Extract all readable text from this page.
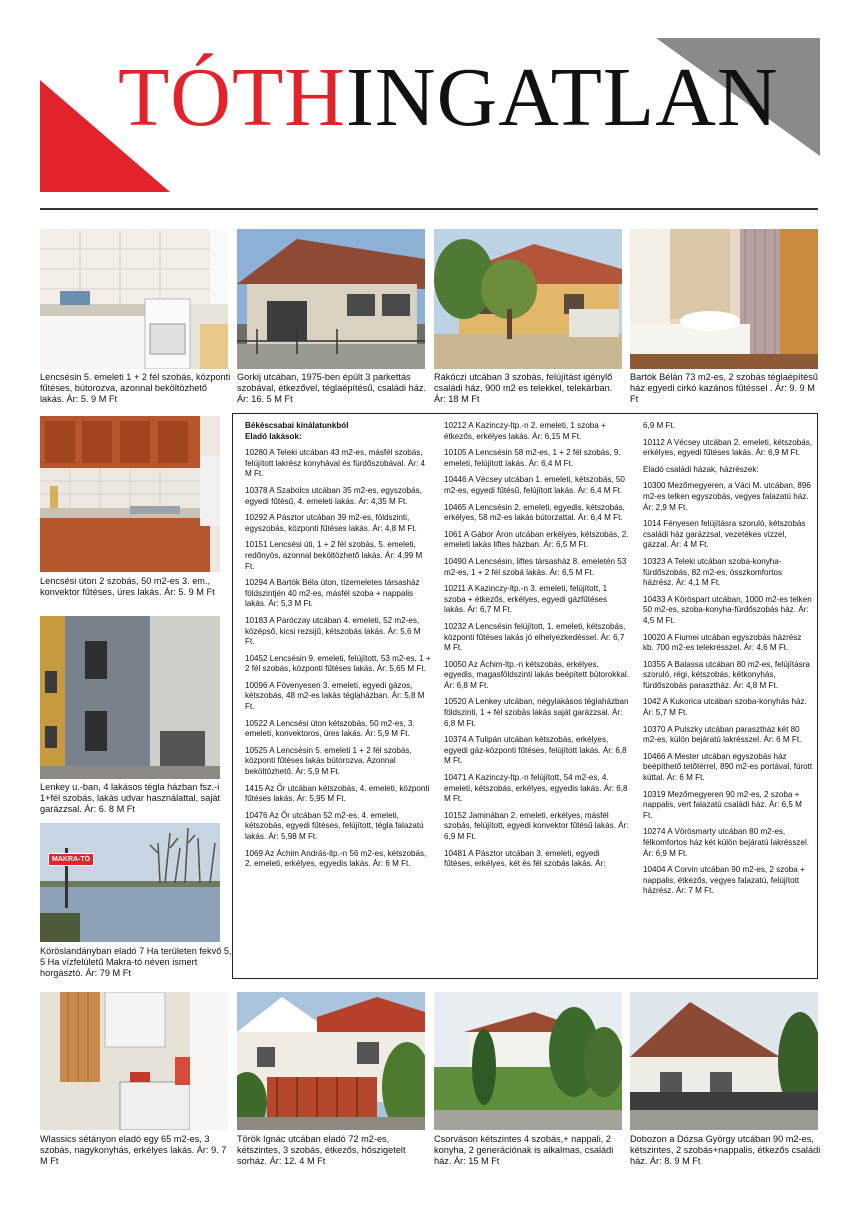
TÓTHINGATLAN
Lencsésin 5. emeleti 1 + 2 fél szobás, központi fűtéses, bútorozva, azonnal beköltözhető lakás. Ár: 5. 9 M Ft
Gorkij utcában, 1975-ben épült 3 parkettás szobával, étkezővel, téglaépítésű, családi ház. Ár: 16. 5 M Ft
Rákóczi utcában 3 szobás, felújítást igénylő családi ház, 900 m2 es telekkel, telekárban. Ár: 18 M Ft
Bartók Bélán 73 m2-es, 2 szobás téglaépítésű ház egyedi cirkó kazános fűtéssel . Ár: 9. 9 M Ft
Lencsési úton 2 szobás, 50 m2-es 3. em., konvektor fűtéses, üres lakás. Ár: 5. 9 M Ft
Lenkey u.-ban, 4 lakásos tégla házban fsz.-i 1+fél szobás, lakás udvar használattal, saját garázzsal. Ár: 6. 8 M Ft
MAKRA-TÓ
Köröslandányban eladó 7 Ha területen fekvő 5, 5 Ha vízfelületű Makra-tó néven ismert horgásztó. Ár: 79 M Ft

Békéscsabai kínálatunkból

Eladó lakások:

10280 A Teleki utcában 43 m2-es, másfél szobás, felújított lakrész konyhával és fürdőszobával. Ár: 4 M Ft.

10378 A Szabolcs utcában 35 m2-es, egyszobás, egyedi fűtésű, 4. emeleti lakás. Ár: 4,35 M Ft.

10292 A Pásztor utcában 39 m2-es, földszinti, egyszobás, központi fűtéses lakás. Ár: 4,8 M Ft.

10151 Lencsési úti, 1 + 2 fél szobás, 5. emeleti, redőnyös, azonnal beköltözhető lakás. Ár: 4,99 M Ft.

10294 A Bartók Béla úton, tízemeletes társasház földszintjén 40 m2-es, másfél szoba + nappalis lakás. Ár: 5,3 M Ft.

10183 A Paróczay utcában 4. emeleti, 52 m2-es, középső, kicsi rezsijű, kétszobás lakás. Ár: 5,6 M Ft.

10452 Lencsésin 9. emeleti, felújított, 53 m2-es, 1 + 2 fél szobás, központi fűtéses lakás. Ár: 5,65 M Ft.

10096 A Fövenyesen 3. emeleti, egyedi gázos, kétszobás, 48 m2-es lakás téglaházban. Ár: 5,8 M Ft.

10522 A Lencsési úton kétszobás, 50 m2-es, 3. emeleti, konvektoros, üres lakás. Ár: 5,9 M Ft.

10525 A Lencsésin 5. emeleti 1 + 2 fél szobás, központi fűtéses lakás bútorozva. Azonnal beköltözhető. Ár: 5,9 M Ft.

1415 Az Őr utcában kétszobás, 4. emeleti, központi fűtéses lakás. Ár: 5,95 M Ft.

10476 Az Őr utcában 52 m2-es, 4. emeleti, kétszobás, egyedi fűtéses, felújított, tégla falazatú lakás. Ár: 5,98 M Ft.

1069 Az Áchim András-ltp.-n 56 m2-es, kétszobás, 2. emeleti, erkélyes, egyedis lakás. Ár: 6 M Ft.

10212 A Kazinczy-ltp.-n 2. emeleti, 1 szoba + étkezős, erkélyes lakás. Ár: 6,15 M Ft.

10105 A Lencsésin 58 m2-es, 1 + 2 fél szobás, 9. emeleti, felújított lakás. Ár: 6,4 M Ft.

10446 A Vécsey utcában 1. emeleti, kétszobás, 50 m2-es, egyedi fűtésű, felújított lakás. Ár: 6,4 M Ft.

10465 A Lencsésin 2. emeleti, egyedis, kétszobás, erkélyes, 58 m2-es lakás bútorzattal. Ár: 6,4 M Ft.

1061 A Gábor Áron utcában erkélyes, kétszobás, 2. emeleti lakás liftes házban. Ár: 6,5 M Ft.

10490 A Lencsésin, liftes társasház 8. emeletén 53 m2-es, 1 + 2 fél szobá lakás. Ár: 6,5 M Ft.

10211 A Kazinczy-ltp.-n 3. emeleti, felújított, 1 szoba + étkezős, erkélyes, egyedi gázfűtéses lakás. Ár: 6,7 M Ft.

10232 A Lencsésin felújított, 1. emeleti, kétszobás, központi fűtéses lakás jó elhelyezkedéssel. Ár: 6,7 M Ft.

10050 Az Áchim-ltp.-n kétszobás, erkélyes, egyedis, magasföldszinti lakás beépített bútorokkal. Ár: 6,8 M Ft.

10520 A Lenkey utcában, négylakásos téglaházban földszinti, 1 + fél szobás lakás saját garázzsal. Ár: 6,8 M Ft.

10374 A Tulipán utcában kétszobás, erkélyes, egyedi gáz-központi fűtéses, felújított lakás. Ár: 6,8 M Ft.

10471 A Kazinczy-ltp.-n felújított, 54 m2-es, 4. emeleti, kétszobás, erkélyes, egyedis lakás. Ár: 6,8 M Ft.

10152 Jaminában 2. emeleti, erkélyes, másfél szobás, felújított, egyedi konvektor fűtésű lakás. Ár: 6,9 M Ft.

10481 A Pásztor utcában 3. emeleti, egyedi fűtéses, erkélyes, két és fél szobás lakás. Ár:

6,9 M Ft.

10112 A Vécsey utcában 2. emeleti, kétszobás, erkélyes, egyedi fűtéses lakás. Ár: 6,9 M Ft.

Eladó családi házak, házrészek:

10300 Mezőmegyeren, a Váci M. utcában, 896 m2-es telken egyszobás, vegyes falazatú ház. Ár: 2,9 M Ft.

1014 Fényesen felújításra szoruló, kétszobás családi ház garázzsal, vezetékes vízzel, gázzal. Ár: 4 M Ft.

10323 A Teleki utcában szoba-konyha-fürdőszobás, 82 m2-es, összkomfortos házrész. Ár: 4,1 M Ft.

10433 A Köröspart utcában, 1000 m2-es telken 50 m2-es, szoba-konyha-fürdőszobás ház. Ár: 4,5 M Ft.

10020 A Fiumei utcában egyszobás házrész kb. 700 m2-es telekrésszel. Ár: 4,6 M Ft.

10355 A Balassa utcában 80 m2-es, felújításra szoruló, régi, kétszobás, kétkonyhás, fürdőszobás parasztház. Ár: 4,8 M Ft.

1042 A Kukorica utcában szoba-konyhás ház. Ár: 5,7 M Ft.

10370 A Pulszky utcában parasztház két 80 m2-es, külön bejáratú lakrésszel. Ár: 6 M Ft.

10466 A Mester utcában egyszobás ház beépíthető tetőtérrel, 890 m2-es portával, fúrott kúttal. Ár: 6 M Ft.

10319 Mezőmegyeren 90 m2-es, 2 szoba + nappalis, vert falazatú családi ház. Ár: 6,5 M Ft.

10274 A Vörösmarty utcában 80 m2-es, félkomfortos ház két külön bejáratú lakrésszel. Ár: 6,9 M Ft.

10404 A Corvin utcában 90 m2-es, 2 szoba + nappalis, étkezős, vegyes falazatú, felújított házrész. Ár: 7 M Ft.

Wlassics sétányon eladó egy 65 m2-es, 3 szobás, nagykonyhás, erkélyes lakás. Ár: 9. 7 M Ft
Török Ignác utcában eladó 72 m2-es, kétszintes, 3 szobás, étkezős, hőszigetelt sorház. Ár: 12. 4 M Ft
Csorváson kétszintes 4 szobás,+ nappali, 2 konyha, 2 generációnak is alkalmas, családi ház. Ár: 15 M Ft
Dobozon a Dózsa György utcában 90 m2-es, kétszintes, 2 szobás+nappalis, étkezős családi ház. Ár: 8. 9 M Ft
